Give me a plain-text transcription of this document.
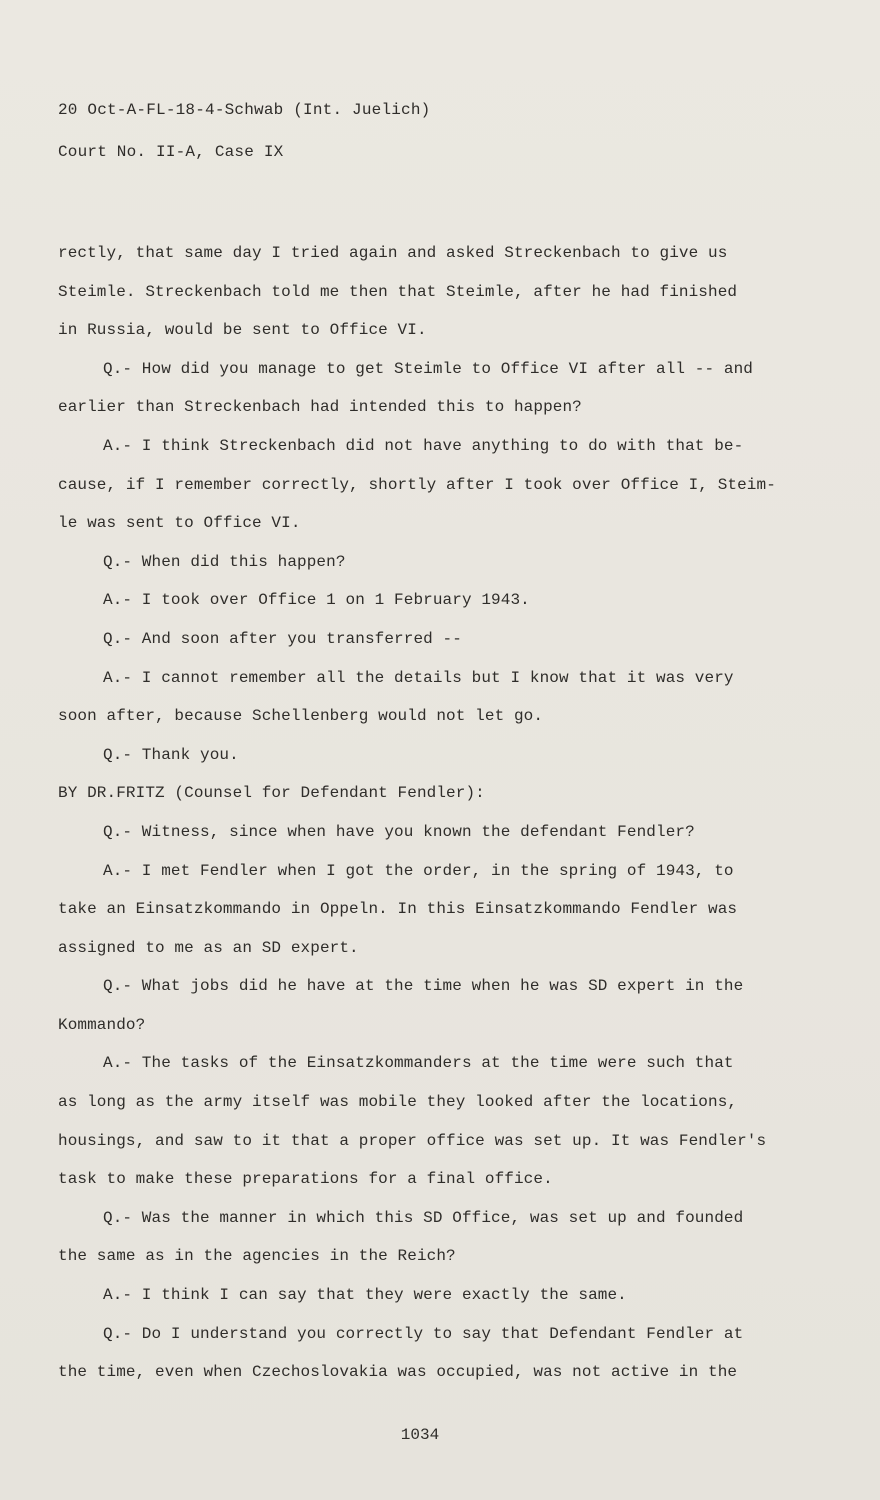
20 Oct-A-FL-18-4-Schwab (Int. Juelich)
Court No. II-A, Case IX
rectly, that same day I tried again and asked Streckenbach to give us
Steimle. Streckenbach told me then that Steimle, after he had finished
in Russia, would be sent to Office VI.
Q.- How did you manage to get Steimle to Office VI after all -- and
earlier than Streckenbach had intended this to happen?
A.- I think Streckenbach did not have anything to do with that be-
cause, if I remember correctly, shortly after I took over Office I, Steim-
le was sent to Office VI.
Q.- When did this happen?
A.- I took over Office 1 on 1 February 1943.
Q.- And soon after you transferred --
A.- I cannot remember all the details but I know that it was very
soon after, because Schellenberg would not let go.
Q.- Thank you.
BY DR.FRITZ (Counsel for Defendant Fendler):
Q.- Witness, since when have you known the defendant Fendler?
A.- I met Fendler when I got the order, in the spring of 1943, to
take an Einsatzkommando in Oppeln. In this Einsatzkommando Fendler was
assigned to me as an SD expert.
Q.- What jobs did he have at the time when he was SD expert in the
Kommando?
A.- The tasks of the Einsatzkommanders at the time were such that
as long as the army itself was mobile they looked after the locations,
housings, and saw to it that a proper office was set up. It was Fendler's
task to make these preparations for a final office.
Q.- Was the manner in which this SD Office, was set up and founded
the same as in the agencies in the Reich?
A.- I think I can say that they were exactly the same.
Q.- Do I understand you correctly to say that Defendant Fendler at
the time, even when Czechoslovakia was occupied, was not active in the
1034
